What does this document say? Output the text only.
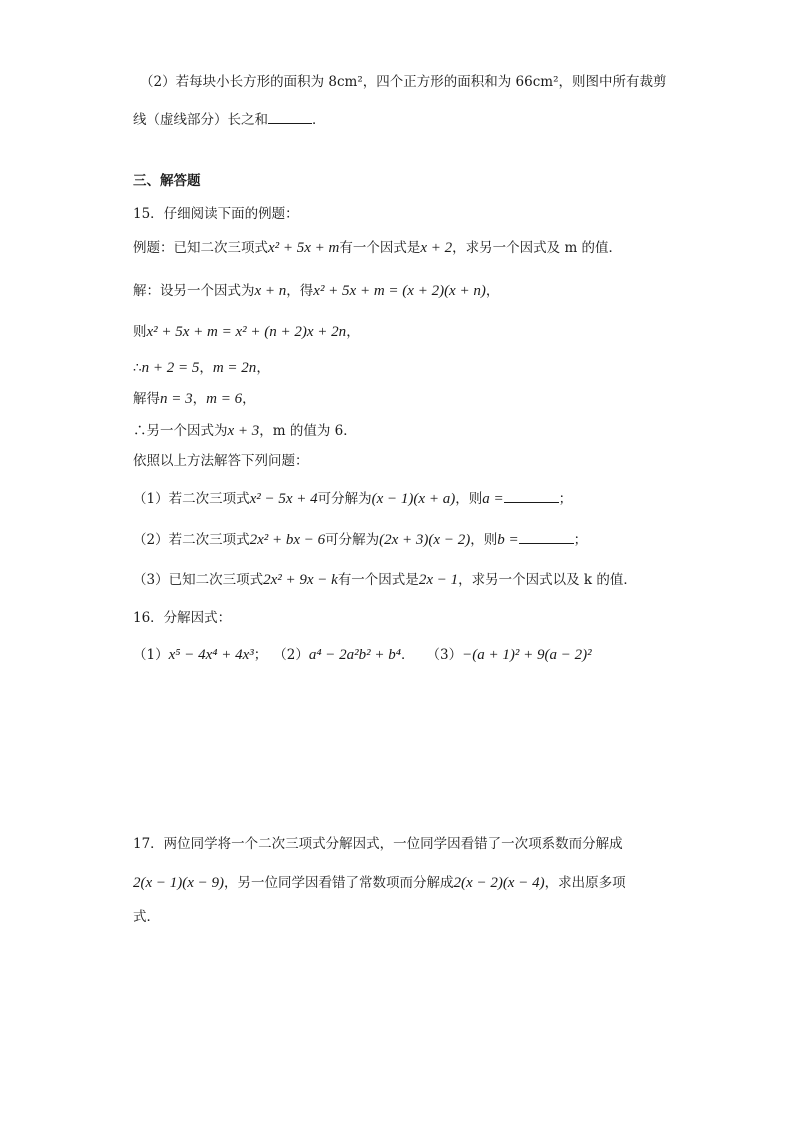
（2）若每块小长方形的面积为 8cm²，四个正方形的面积和为 66cm²，则图中所有裁剪
线（虚线部分）长之和	．
三、解答题
15．仔细阅读下面的例题：
例题：已知二次三项式x² + 5x + m有一个因式是x + 2，求另一个因式及 m 的值．
解：设另一个因式为x + n，得x² + 5x + m = (x + 2)(x + n)，
则x² + 5x + m = x² + (n + 2)x + 2n，
∴n + 2 = 5，m = 2n，
解得n = 3，m = 6，
∴另一个因式为x + 3，m 的值为 6．
依照以上方法解答下列问题：
（1）若二次三项式x² − 5x + 4可分解为(x − 1)(x + a)，则a =	；
（2）若二次三项式2x² + bx − 6可分解为(2x + 3)(x − 2)，则b =	；
（3）已知二次三项式2x² + 9x − k有一个因式是2x − 1，求另一个因式以及 k 的值．
16．分解因式：
（1）x⁵ − 4x⁴ + 4x³； （2）a⁴ − 2a²b² + b⁴． （3）−(a + 1)² + 9(a − 2)²
17．两位同学将一个二次三项式分解因式，一位同学因看错了一次项系数而分解成
2(x − 1)(x − 9)，另一位同学因看错了常数项而分解成2(x − 2)(x − 4)，求出原多项
式．
